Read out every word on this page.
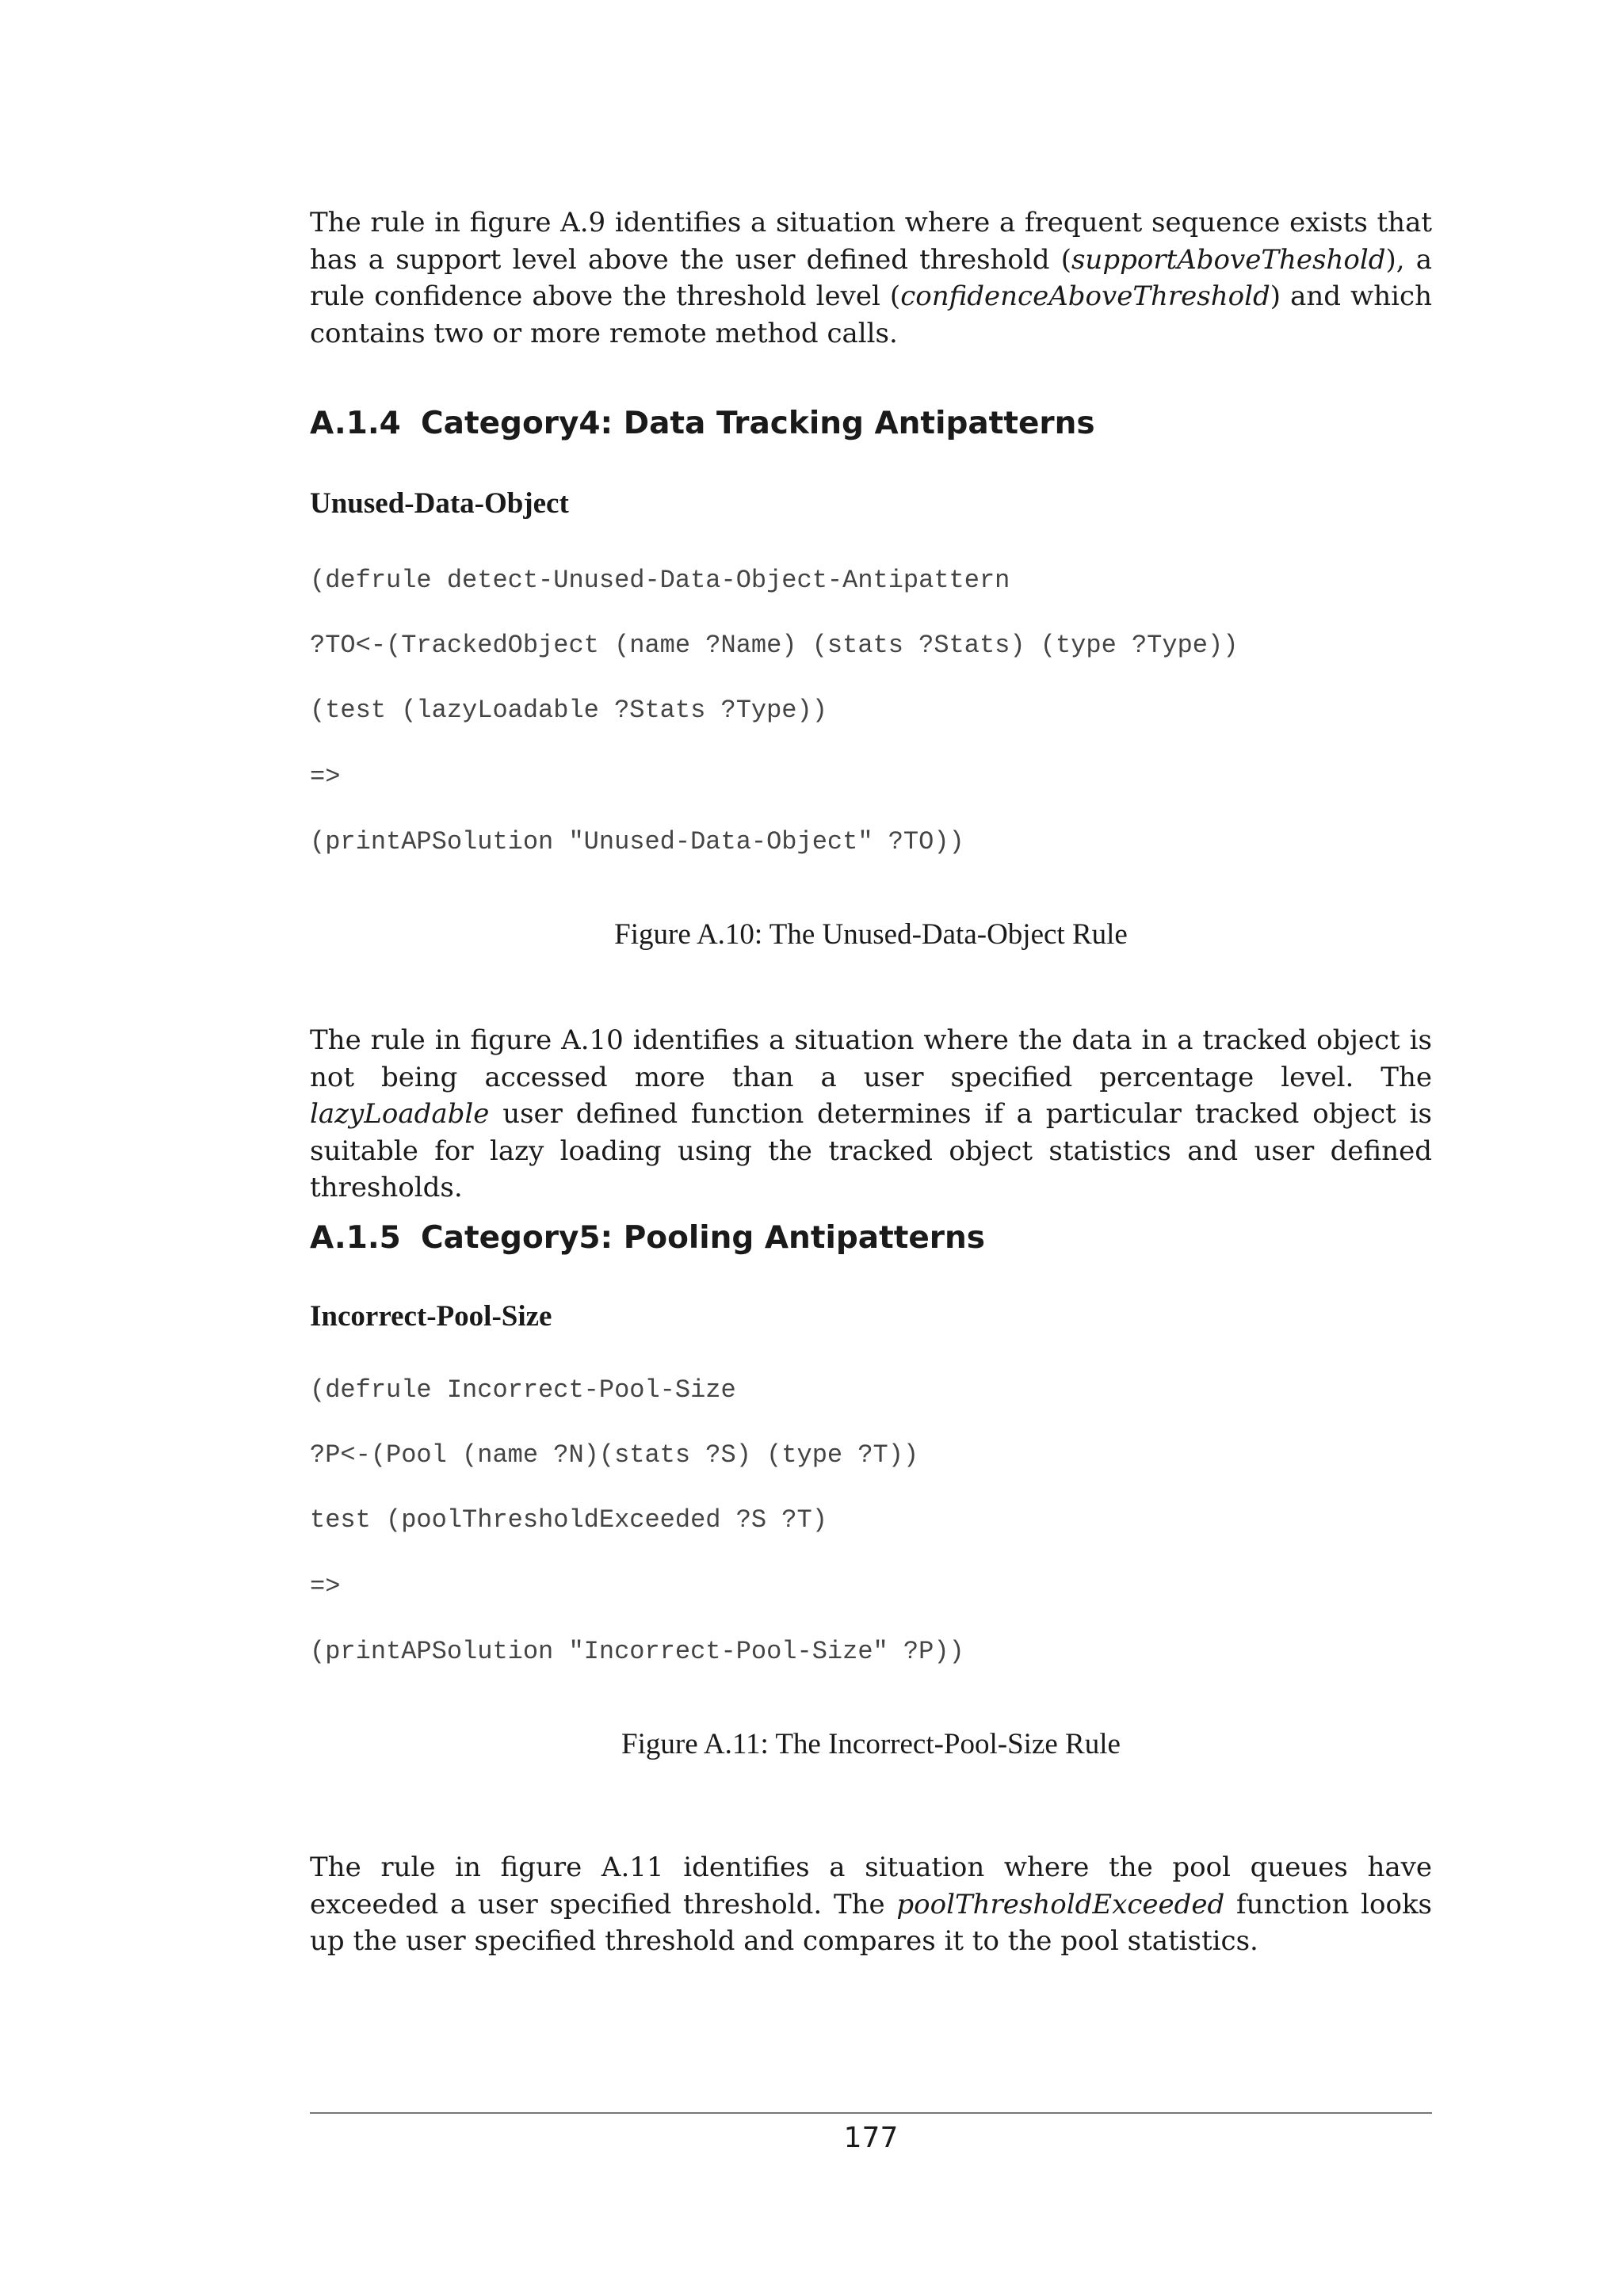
The rule in figure A.9 identifies a situation where a frequent sequence exists that has a support level above the user defined threshold (supportAboveTheshold), a rule confidence above the threshold level (confidenceAboveThreshold) and which contains two or more remote method calls.

A.1.4 Category4: Data Tracking Antipatterns
Unused-Data-Object
(defrule detect-Unused-Data-Object-Antipattern
?TO<-(TrackedObject (name ?Name) (stats ?Stats) (type ?Type))
(test (lazyLoadable ?Stats ?Type))
=>
(printAPSolution "Unused-Data-Object" ?TO))

Figure A.10: The Unused-Data-Object Rule

The rule in figure A.10 identifies a situation where the data in a tracked object is not being accessed more than a user specified percentage level. The lazyLoadable user defined function determines if a particular tracked object is suitable for lazy loading using the tracked object statistics and user defined thresholds.

A.1.5 Category5: Pooling Antipatterns
Incorrect-Pool-Size
(defrule Incorrect-Pool-Size
?P<-(Pool (name ?N)(stats ?S) (type ?T))
test (poolThresholdExceeded ?S ?T)
=>
(printAPSolution "Incorrect-Pool-Size" ?P))

Figure A.11: The Incorrect-Pool-Size Rule

The rule in figure A.11 identifies a situation where the pool queues have exceeded a user specified threshold. The poolThresholdExceeded function looks up the user specified threshold and compares it to the pool statistics.

177
